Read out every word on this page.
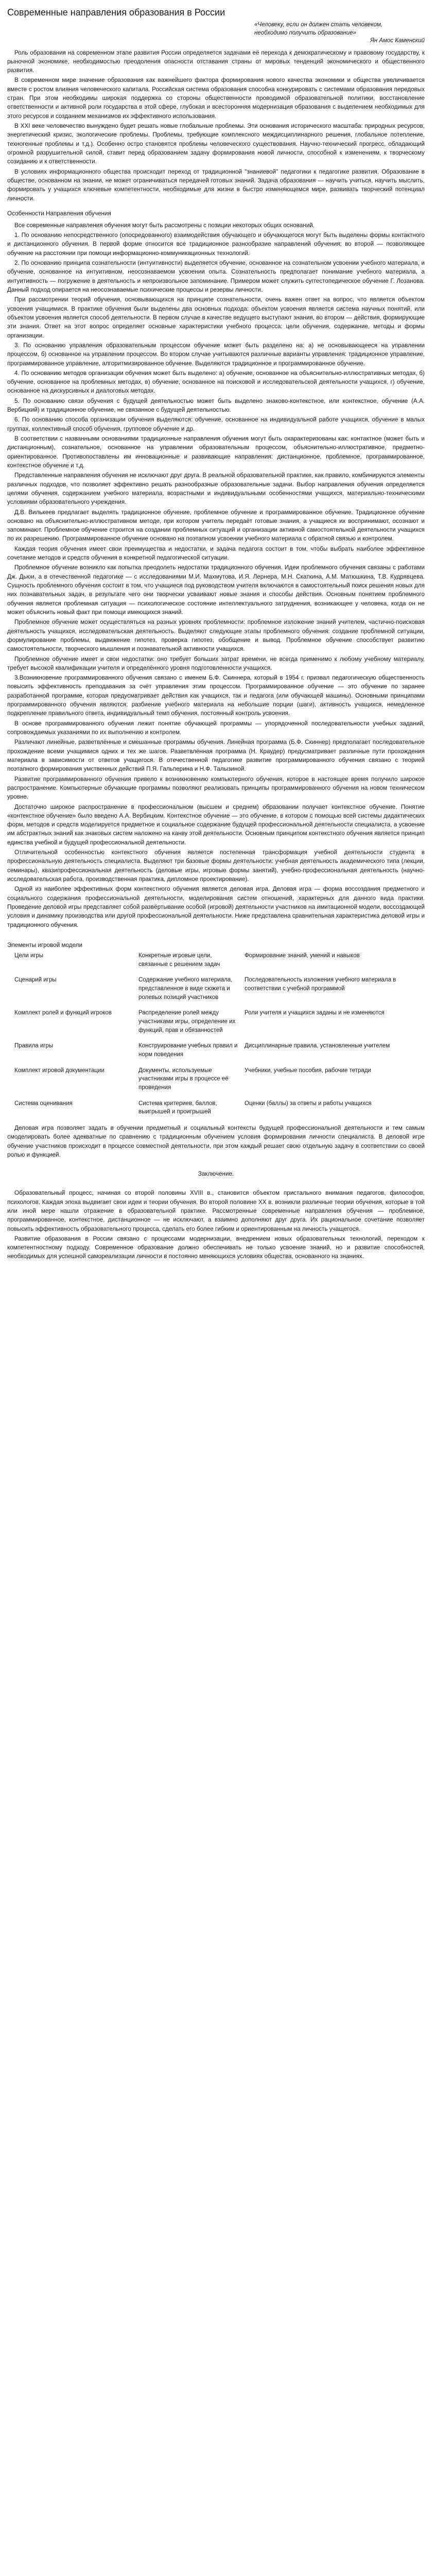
Современные направления образования в России
«Человеку, если он должен стать человеком,
необходимо получить образование»
Ян Амос Каменский

Роль образования на современном этапе развития России определяется задачами её перехода к демократическому и правовому государству, к рыночной экономике, необходимостью преодоления опасности отставания страны от мировых тенденций экономического и общественного развития.

В современном мире значение образования как важнейшего фактора формирования нового качества экономики и общества увеличивается вместе с ростом влияния человеческого капитала. Российская система образования способна конкурировать с системами образования передовых стран. При этом необходимы широкая поддержка со стороны общественности проводимой образовательной политики, восстановление ответственности и активной роли государства в этой сфере, глубокая и всесторонняя модернизация образования с выделением необходимых для этого ресурсов и созданием механизмов их эффективного использования.

В XXI веке человечество вынуждено будет решать новые глобальные проблемы. Эти основания исторического масштаба: природных ресурсов, энергетический кризис, экологические проблемы. Проблемы, требующие комплексного междисциплинарного решения, глобальное потепление, техногенные проблемы и т.д.). Особенно остро становятся проблемы человеческого существования. Научно-технический прогресс, обладающий огромной разрушительной силой, ставит перед образованием задачу формирования новой личности, способной к изменениям, к творческому созиданию и к ответственности.

В условиях информационного общества происходит переход от традиционной "знаниевой" педагогики к педагогике развития. Образование в обществе, основанном на знании, не может ограничиваться передачей готовых знаний. Задача образования — научить учиться, научить мыслить, формировать у учащихся ключевые компетентности, необходимые для жизни в быстро изменяющемся мире, развивать творческий потенциал личности.

Особенности Направления обучения

Все современные направления обучения могут быть рассмотрены с позиции некоторых общих оснований.

1. По основанию непосредственного (опосредованного) взаимодействия обучающего и обучающегося могут быть выделены формы контактного и дистанционного обучения. В первой форме относится все традиционное разнообразие направлений обучения; во второй — позволяющее обучение на расстоянии при помощи информационно-коммуникационных технологий.

2. По основанию принципа сознательности (интуитивности) выделяется обучение, основанное на сознательном усвоении учебного материала, и обучение, основанное на интуитивном, неосознаваемом усвоении опыта. Сознательность предполагает понимание учебного материала, а интуитивность — погружение в деятельность и непроизвольное запоминание. Примером может служить суггестопедическое обучение Г. Лозанова. Данный подход опирается на неосознаваемые психические процессы и резервы личности.

При рассмотрении теорий обучения, основывающихся на принципе сознательности, очень важен ответ на вопрос, что является объектом усвоения учащимися. В практике обучения были выделены два основных подхода: объектом усвоения является система научных понятий, или объектом усвоения является способ деятельности. В первом случае в качестве ведущего выступают знания, во втором — действия, формирующие эти знания. Ответ на этот вопрос определяет основные характеристики учебного процесса: цели обучения, содержание, методы и формы организации.

3. По основанию управления образовательным процессом обучение может быть разделено на: а) не основывающееся на управлении процессом, б) основанное на управлении процессом. Во втором случае учитываются различные варианты управления: традиционное управление, программированное управление, алгоритмизированное обучение. Выделяются традиционное и программированное обучение.

4. По основанию методов организации обучения может быть выделено: а) обучение, основанное на объяснительно-иллюстративных методах, б) обучение, основанное на проблемных методах, в) обучение, основанное на поисковой и исследовательской деятельности учащихся, г) обучение, основанное на дискурсивных и диалоговых методах.

5. По основанию связи обучения с будущей деятельностью может быть выделено знаково-контекстное, или контекстное, обучение (А.А. Вербицкий) и традиционное обучение, не связанное с будущей деятельностью.

6. По основанию способа организации обучения выделяются: обучение, основанное на индивидуальной работе учащихся, обучение в малых группах, коллективный способ обучения, групповое обучение и др.

В соответствии с названными основаниями традиционные направления обучения могут быть охарактеризованы как: контактное (может быть и дистанционным), сознательное, основанное на управлении образовательным процессом, объяснительно-иллюстративное, предметно-ориентированное. Противопоставлены им инновационные и развивающие направления: дистанционное, проблемное, программированное, контекстное обучение и т.д.

Представленные направления обучения не исключают друг друга. В реальной образовательной практике, как правило, комбинируются элементы различных подходов, что позволяет эффективно решать разнообразные образовательные задачи. Выбор направления обучения определяется целями обучения, содержанием учебного материала, возрастными и индивидуальными особенностями учащихся, материально-техническими условиями образовательного учреждения.

Д.В. Вилькеев предлагает выделять традиционное обучение, проблемное обучение и программированное обучение. Традиционное обучение основано на объяснительно-иллюстративном методе, при котором учитель передаёт готовые знания, а учащиеся их воспринимают, осознают и запоминают. Проблемное обучение строится на создании проблемных ситуаций и организации активной самостоятельной деятельности учащихся по их разрешению. Программированное обучение основано на поэтапном усвоении учебного материала с обратной связью и контролем.

Каждая теория обучения имеет свои преимущества и недостатки, и задача педагога состоит в том, чтобы выбрать наиболее эффективное сочетание методов и средств обучения в конкретной педагогической ситуации.

Проблемное обучение возникло как попытка преодолеть недостатки традиционного обучения. Идеи проблемного обучения связаны с работами Дж. Дьюи, а в отечественной педагогике — с исследованиями М.И. Махмутова, И.Я. Лернера, М.Н. Скаткина, А.М. Матюшкина, Т.В. Кудрявцева. Сущность проблемного обучения состоит в том, что учащиеся под руководством учителя включаются в самостоятельный поиск решения новых для них познавательных задач, в результате чего они творчески усваивают новые знания и способы действия. Основным понятием проблемного обучения является проблемная ситуация — психологическое состояние интеллектуального затруднения, возникающее у человека, когда он не может объяснить новый факт при помощи имеющихся знаний.

Проблемное обучение может осуществляться на разных уровнях проблемности: проблемное изложение знаний учителем, частично-поисковая деятельность учащихся, исследовательская деятельность. Выделяют следующие этапы проблемного обучения: создание проблемной ситуации, формулирование проблемы, выдвижение гипотез, проверка гипотез, обобщение и вывод. Проблемное обучение способствует развитию самостоятельности, творческого мышления и познавательной активности учащихся.

Проблемное обучение имеет и свои недостатки: оно требует больших затрат времени, не всегда применимо к любому учебному материалу, требует высокой квалификации учителя и определённого уровня подготовленности учащихся.

3.Возникновение программированного обучения связано с именем Б.Ф. Скиннера, который в 1954 г. призвал педагогическую общественность повысить эффективность преподавания за счёт управления этим процессом. Программированное обучение — это обучение по заранее разработанной программе, которая предусматривает действия как учащихся, так и педагога (или обучающей машины). Основными принципами программированного обучения являются: разбиение учебного материала на небольшие порции (шаги), активность учащихся, немедленное подкрепление правильного ответа, индивидуальный темп обучения, постоянный контроль усвоения.

В основе программированного обучения лежит понятие обучающей программы — упорядоченной последовательности учебных заданий, сопровождаемых указаниями по их выполнению и контролем.

Различают линейные, разветвлённые и смешанные программы обучения. Линейная программа (Б.Ф. Скиннер) предполагает последовательное прохождение всеми учащимися одних и тех же шагов. Разветвлённая программа (Н. Краудер) предусматривает различные пути прохождения материала в зависимости от ответов учащегося. В отечественной педагогике развитие программированного обучения связано с теорией поэтапного формирования умственных действий П.Я. Гальперина и Н.Ф. Талызиной.

Развитие программированного обучения привело к возникновению компьютерного обучения, которое в настоящее время получило широкое распространение. Компьютерные обучающие программы позволяют реализовать принципы программированного обучения на новом техническом уровне.

Достаточно широкое распространение в профессиональном (высшем и среднем) образовании получает контекстное обучение. Понятие «контекстное обучение» было введено А.А. Вербицким. Контекстное обучение — это обучение, в котором с помощью всей системы дидактических форм, методов и средств моделируется предметное и социальное содержание будущей профессиональной деятельности специалиста, а усвоение им абстрактных знаний как знаковых систем наложено на канву этой деятельности. Основным принципом контекстного обучения является принцип единства учебной и будущей профессиональной деятельности.

Отличительной особенностью контекстного обучения является постепенная трансформация учебной деятельности студента в профессиональную деятельность специалиста. Выделяют три базовые формы деятельности: учебная деятельность академического типа (лекции, семинары), квазипрофессиональная деятельность (деловые игры, игровые формы занятий), учебно-профессиональная деятельность (научно-исследовательская работа, производственная практика, дипломное проектирование).

Одной из наиболее эффективных форм контекстного обучения является деловая игра. Деловая игра — форма воссоздания предметного и социального содержания профессиональной деятельности, моделирования систем отношений, характерных для данного вида практики. Проведение деловой игры представляет собой развёртывание особой (игровой) деятельности участников на имитационной модели, воссоздающей условия и динамику производства или другой профессиональной деятельности. Ниже представлена сравнительная характеристика деловой игры и традиционного обучения.

Элементы игровой модели
Цели игры	Конкретные игровые цели, связанные с решением задач	Формирование знаний, умений и навыков
Сценарий игры	Содержание учебного материала, представленное в виде сюжета и ролевых позиций участников	Последовательность изложения учебного материала в соответствии с учебной программой
Комплект ролей и функций игроков	Распределение ролей между участниками игры, определение их функций, прав и обязанностей	Роли учителя и учащихся заданы и не изменяются
Правила игры	Конструирование учебных правил и норм поведения	Дисциплинарные правила, установленные учителем
Комплект игровой документации	Документы, используемые участниками игры в процессе её проведения	Учебники, учебные пособия, рабочие тетради
Система оценивания	Система критериев, баллов, выигрышей и проигрышей	Оценки (баллы) за ответы и работы учащихся

Деловая игра позволяет задать в обучении предметный и социальный контексты будущей профессиональной деятельности и тем самым смоделировать более адекватные по сравнению с традиционным обучением условия формирования личности специалиста. В деловой игре обучение участников происходит в процессе совместной деятельности, при этом каждый решает свою отдельную задачу в соответствии со своей ролью и функцией.

Заключение.

Образовательный процесс, начиная со второй половины XVIII в., становится объектом пристального внимания педагогов, философов, психологов. Каждая эпоха выдвигает свои идеи и теории обучения. Во второй половине XX в. возникли различные теории обучения, которые в той или иной мере нашли отражение в образовательной практике. Рассмотренные современные направления обучения — проблемное, программированное, контекстное, дистанционное — не исключают, а взаимно дополняют друг друга. Их рациональное сочетание позволяет повысить эффективность образовательного процесса, сделать его более гибким и ориентированным на личность учащегося.

Развитие образования в России связано с процессами модернизации, внедрением новых образовательных технологий, переходом к компетентностному подходу. Современное образование должно обеспечивать не только усвоение знаний, но и развитие способностей, необходимых для успешной самореализации личности в постоянно меняющихся условиях общества, основанного на знаниях.
